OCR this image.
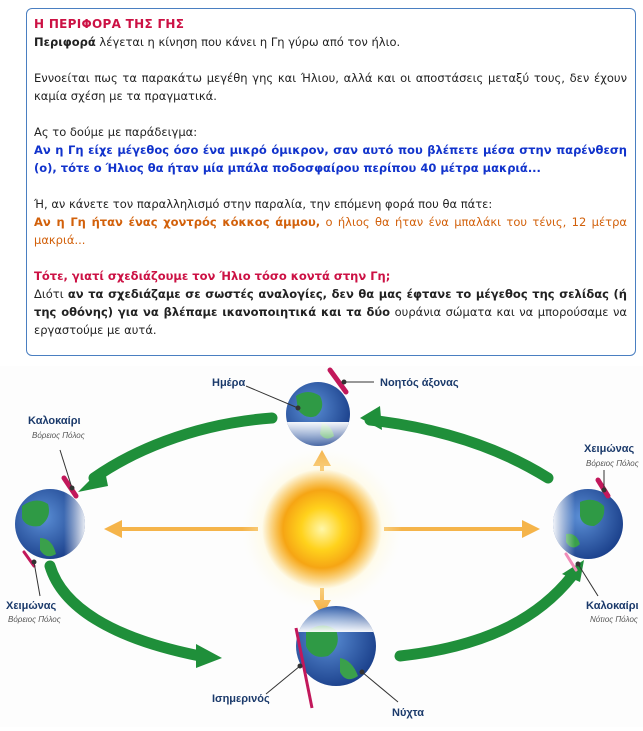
Η ΠΕΡΙΦΟΡΑ ΤΗΣ ΓΗΣ

Περιφορά λέγεται η κίνηση που κάνει η Γη γύρω από τον ήλιο.

Εννοείται πως τα παρακάτω μεγέθη γης και Ήλιου, αλλά και οι αποστάσεις μεταξύ τους, δεν έχουν καμία σχέση με τα πραγματικά.

Ας το δούμε με παράδειγμα:

Αν η Γη είχε μέγεθος όσο ένα μικρό όμικρον, σαν αυτό που βλέπετε μέσα στην παρένθεση (ο), τότε ο Ήλιος θα ήταν μία μπάλα ποδοσφαίρου περίπου 40 μέτρα μακριά...

Ή, αν κάνετε τον παραλληλισμό στην παραλία, την επόμενη φορά που θα πάτε:

Αν η Γη ήταν ένας χοντρός κόκκος άμμου, ο ήλιος θα ήταν ένα μπαλάκι του τένις, 12 μέτρα μακριά...

Τότε, γιατί σχεδιάζουμε τον Ήλιο τόσο κοντά στην Γη;

Διότι αν τα σχεδιάζαμε σε σωστές αναλογίες, δεν θα μας έφτανε το μέγεθος της σελίδας (ή της οθόνης) για να βλέπαμε ικανοποιητικά και τα δύο ουράνια σώματα και να μπορούσαμε να εργαστούμε με αυτά.

Ημέρα	Νοητός άξονας
Καλοκαίρι
Βόρειος Πόλος
Χειμώνας
Βόρειος Πόλος
Χειμώνας
Βόρειος Πόλος
Καλοκαίρι
Νότιος Πόλος
Ισημερινός
Νύχτα
